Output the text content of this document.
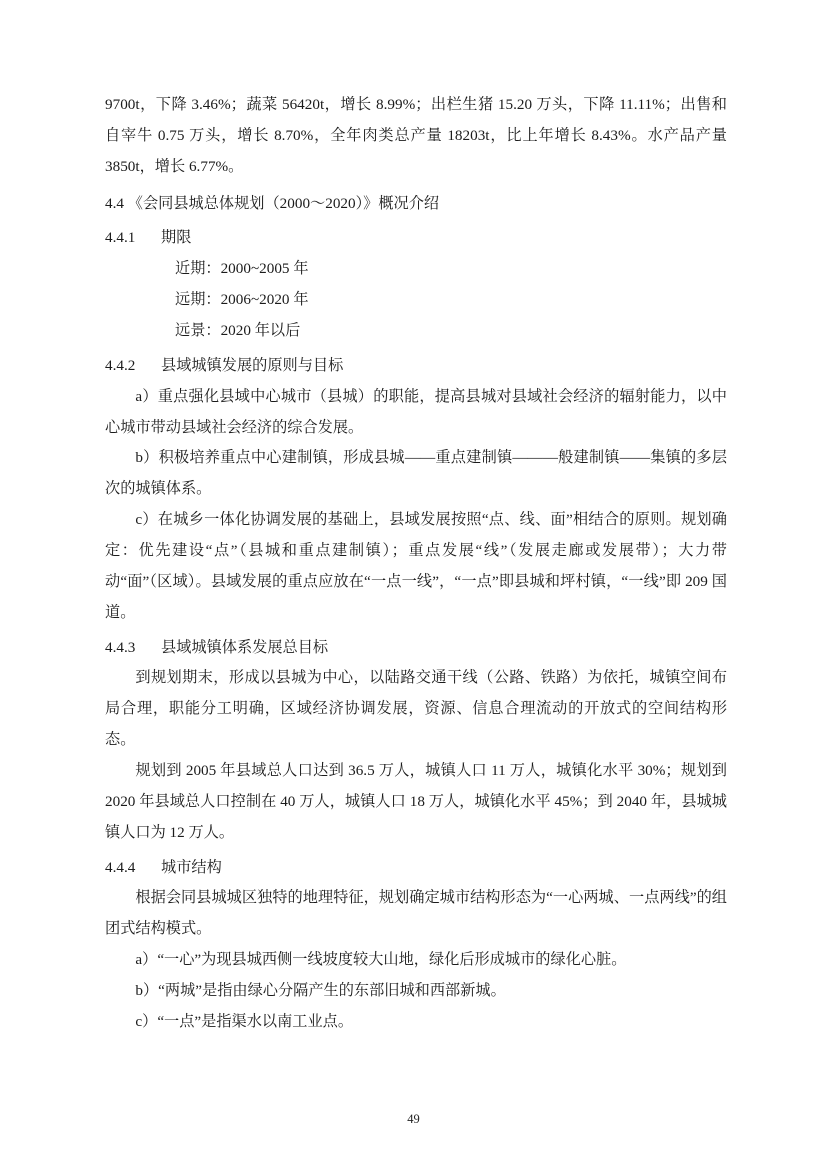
9700t，下降 3.46%；蔬菜 56420t，增长 8.99%；出栏生猪 15.20 万头，下降 11.11%；出售和自宰牛 0.75 万头，增长 8.70%，全年肉类总产量 18203t，比上年增长 8.43%。水产品产量 3850t，增长 6.77%。

4.4 《会同县城总体规划（2000～2020）》概况介绍

4.4.1 期限

近期：2000~2005 年

远期：2006~2020 年

远景：2020 年以后

4.4.2 县域城镇发展的原则与目标

a）重点强化县域中心城市（县城）的职能，提高县城对县域社会经济的辐射能力，以中心城市带动县域社会经济的综合发展。

b）积极培养重点中心建制镇，形成县城——重点建制镇———般建制镇——集镇的多层次的城镇体系。

c）在城乡一体化协调发展的基础上，县域发展按照“点、线、面”相结合的原则。规划确定：优先建设“点”（县城和重点建制镇）；重点发展“线”（发展走廊或发展带）；大力带动“面”（区域）。县域发展的重点应放在“一点一线”，“一点”即县城和坪村镇，“一线”即 209 国道。

4.4.3 县域城镇体系发展总目标

到规划期末，形成以县城为中心，以陆路交通干线（公路、铁路）为依托，城镇空间布局合理，职能分工明确，区域经济协调发展，资源、信息合理流动的开放式的空间结构形态。

规划到 2005 年县域总人口达到 36.5 万人，城镇人口 11 万人，城镇化水平 30%；规划到 2020 年县域总人口控制在 40 万人，城镇人口 18 万人，城镇化水平 45%；到 2040 年，县城城镇人口为 12 万人。

4.4.4 城市结构

根据会同县城城区独特的地理特征，规划确定城市结构形态为“一心两城、一点两线”的组团式结构模式。

a）“一心”为现县城西侧一线坡度较大山地，绿化后形成城市的绿化心脏。

b）“两城”是指由绿心分隔产生的东部旧城和西部新城。

c）“一点”是指渠水以南工业点。

49
